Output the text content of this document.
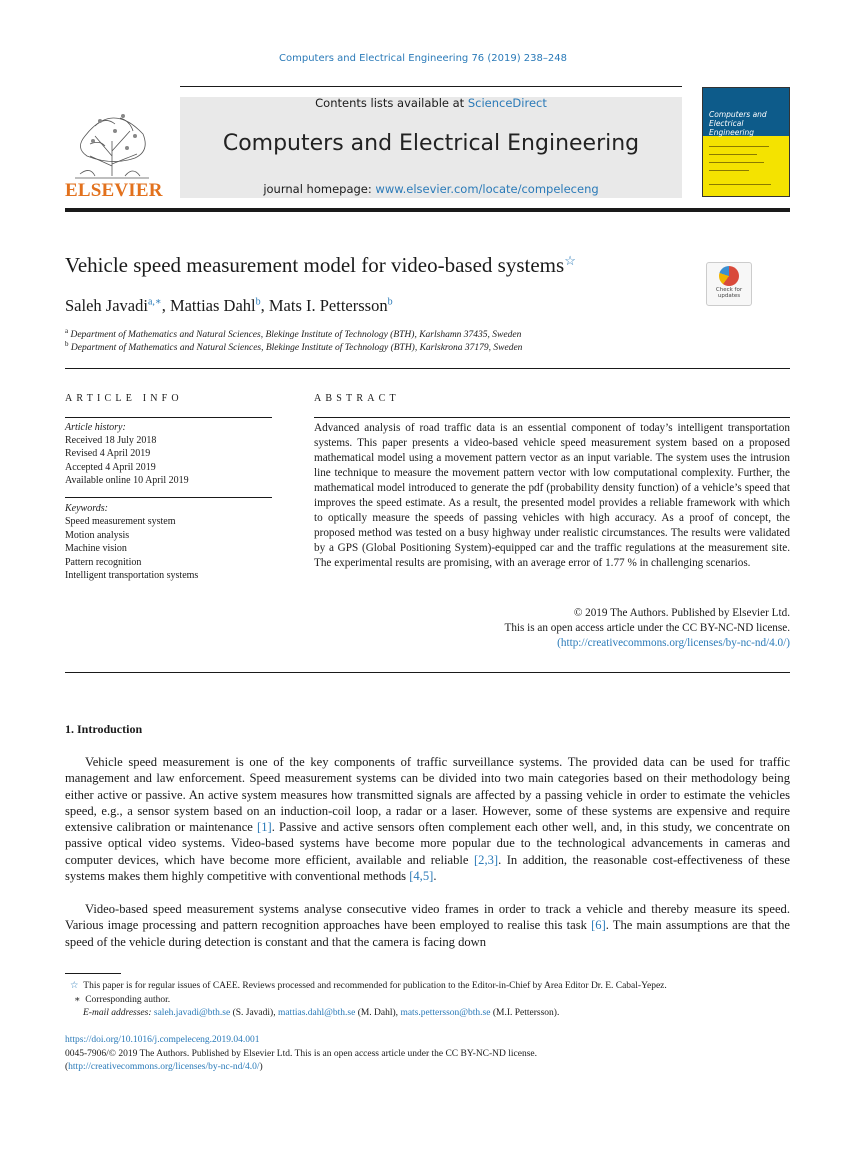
Computers and Electrical Engineering 76 (2019) 238–248
ELSEVIER
Contents lists available at ScienceDirect
Computers and Electrical Engineering
journal homepage: www.elsevier.com/locate/compeleceng
Computers and
Electrical Engineering
Vehicle speed measurement model for video-based systems☆
Check for
updates
Saleh Javadi$^{a,∗}$, Mattias Dahl$^b$, Mats I. Pettersson$^b$
$^a$ Department of Mathematics and Natural Sciences, Blekinge Institute of Technology (BTH), Karlshamn 37435, Sweden
$^b$ Department of Mathematics and Natural Sciences, Blekinge Institute of Technology (BTH), Karlskrona 37179, Sweden
ARTICLE INFO
Article history:
Received 18 July 2018
Revised 4 April 2019
Accepted 4 April 2019
Available online 10 April 2019
Keywords:
Speed measurement system
Motion analysis
Machine vision
Pattern recognition
Intelligent transportation systems
ABSTRACT
Advanced analysis of road traffic data is an essential component of today’s intelligent transportation systems. This paper presents a video-based vehicle speed measurement system based on a proposed mathematical model using a movement pattern vector as an input variable. The system uses the intrusion line technique to measure the movement pattern vector with low computational complexity. Further, the mathematical model introduced to generate the pdf (probability density function) of a vehicle’s speed that improves the speed estimate. As a result, the presented model provides a reliable framework with which to optically measure the speeds of passing vehicles with high accuracy. As a proof of concept, the proposed method was tested on a busy highway under realistic circumstances. The results were validated by a GPS (Global Positioning System)-equipped car and the traffic regulations at the measurement site. The experimental results are promising, with an average error of 1.77 % in challenging scenarios.
© 2019 The Authors. Published by Elsevier Ltd.
This is an open access article under the CC BY-NC-ND license.
(http://creativecommons.org/licenses/by-nc-nd/4.0/)
1. Introduction
Vehicle speed measurement is one of the key components of traffic surveillance systems. The provided data can be used for traffic management and law enforcement. Speed measurement systems can be divided into two main categories based on their methodology being either active or passive. An active system measures how transmitted signals are affected by a passing vehicle in order to estimate the vehicles speed, e.g., a sensor system based on an induction-coil loop, a radar or a laser. However, some of these systems are expensive and require extensive calibration or maintenance [1]. Passive and active sensors often complement each other well, and, in this study, we concentrate on passive optical video systems. Video-based systems have become more popular due to the technological advancements in cameras and computer devices, which have become more efficient, available and reliable [2,3]. In addition, the reasonable cost-effectiveness of these systems makes them highly competitive with conventional methods [4,5].
Video-based speed measurement systems analyse consecutive video frames in order to track a vehicle and thereby measure its speed. Various image processing and pattern recognition approaches have been employed to realise this task [6]. The main assumptions are that the speed of the vehicle during detection is constant and that the camera is facing down
☆ This paper is for regular issues of CAEE. Reviews processed and recommended for publication to the Editor-in-Chief by Area Editor Dr. E. Cabal-Yepez.
∗ Corresponding author.
E-mail addresses: saleh.javadi@bth.se (S. Javadi), mattias.dahl@bth.se (M. Dahl), mats.pettersson@bth.se (M.I. Pettersson).
https://doi.org/10.1016/j.compeleceng.2019.04.001
0045-7906/© 2019 The Authors. Published by Elsevier Ltd. This is an open access article under the CC BY-NC-ND license.
(http://creativecommons.org/licenses/by-nc-nd/4.0/)
